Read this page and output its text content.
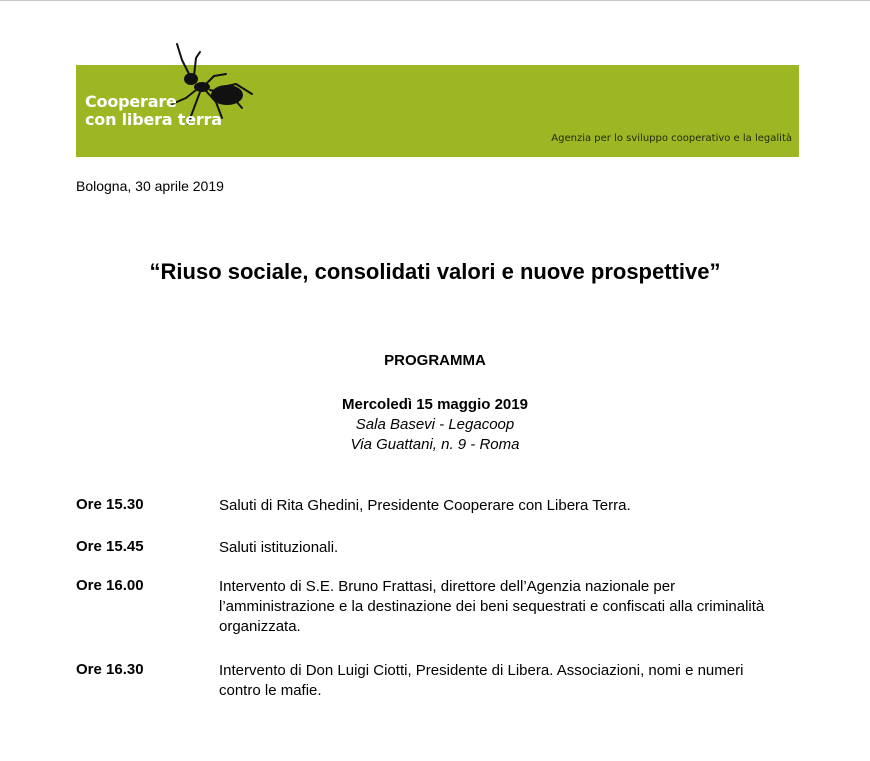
Cooperare
con libera terra
Agenzia per lo sviluppo cooperativo e la legalità
Bologna, 30 aprile 2019
“Riuso sociale, consolidati valori e nuove prospettive”
PROGRAMMA
Mercoledì 15 maggio 2019
Sala Basevi - Legacoop
Via Guattani, n. 9 - Roma
Ore 15.30	Saluti di Rita Ghedini, Presidente Cooperare con Libera Terra.
Ore 15.45	Saluti istituzionali.
Ore 16.00	Intervento di S.E. Bruno Frattasi, direttore dell’Agenzia nazionale per l’amministrazione e la destinazione dei beni sequestrati e confiscati alla criminalità organizzata.
Ore 16.30	Intervento di Don Luigi Ciotti, Presidente di Libera. Associazioni, nomi e numeri contro le mafie.
